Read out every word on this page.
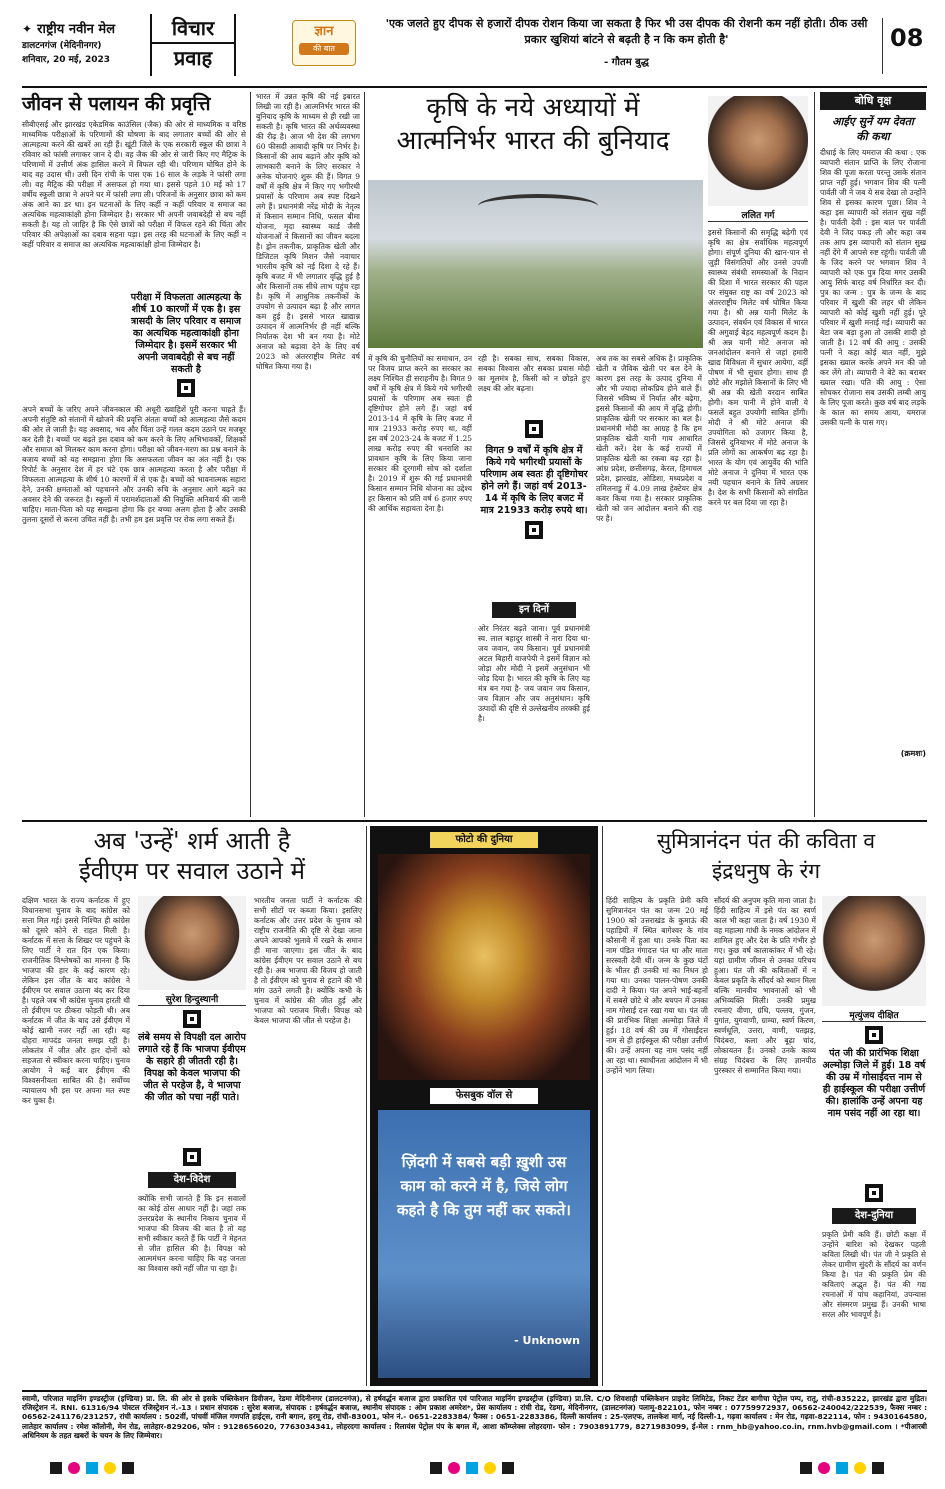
✦ राष्ट्रीय नवीन मेल
डालटनगंज (मेदिनीनगर)
शनिवार, 20 मई, 2023
विचार
प्रवाह
ज्ञान
की बात
'एक जलते हुए दीपक से हजारों दीपक रोशन किया जा सकता है फिर भी उस दीपक की रोशनी कम नहीं होती। ठीक उसी प्रकार खुशियां बांटने से बढ़ती है न कि कम होती है'
- गौतम बुद्ध
08
जीवन से पलायन की प्रवृत्ति
सीबीएसई और झारखंड एकेडमिक काउंसिल (जैक) की ओर से माध्यमिक व वरिष्ठ माध्यमिक परीक्षाओं के परिणामों की घोषणा के बाद लगातार बच्चों की ओर से आत्महत्या करने की खबरें आ रही हैं। खूंटी जिले के एक सरकारी स्कूल की छात्रा ने रविवार को फांसी लगाकर जान दे दी। वह जैक की ओर से जारी किए गए मैट्रिक के परिणामों में उत्तीर्ण अंक हासिल करने में विफल रही थी। परिणाम घोषित होने के बाद वह उदास थी। उसी दिन रांची के पास एक 16 साल के लड़के ने फांसी लगा ली। वह मैट्रिक की परीक्षा में असफल हो गया था। इससे पहले 10 मई को 17 वर्षीय स्कूली छात्रा ने अपने घर में फांसी लगा ली। परिजनों के अनुसार छात्रा को कम अंक आने का डर था। इन घटनाओं के लिए कहीं न कहीं परिवार व समाज का अत्यधिक महत्वाकांक्षी होना जिम्मेदार है। सरकार भी अपनी जवाबदेही से बच नहीं सकती है। यह तो जाहिर है कि ऐसे छात्रों को परीक्षा में विफल रहने की चिंता और परिवार की अपेक्षाओं का दबाव सहना पड़ा। इस तरह की घटनाओं के लिए कहीं न कहीं परिवार व समाज का अत्यधिक महत्वाकांक्षी होना जिम्मेदार है।
परीक्षा में विफलता आत्महत्या के शीर्ष 10 कारणों में एक है। इस त्रासदी के लिए परिवार व समाज का अत्यधिक महत्वाकांक्षी होना जिम्मेदार है। इसमें सरकार भी अपनी जवाबदेही से बच नहीं सकती है
अपने बच्चों के जरिए अपने जीवनकाल की अधूरी ख्वाहिशें पूरी करना चाहते हैं। अपनी संतुष्टि को संतानों में खोजने की प्रवृत्ति अंततः बच्चों को आत्महत्या जैसे कदम की ओर ले जाती है। यह अवसाद, भय और चिंता उन्हें गलत कदम उठाने पर मजबूर कर देती है। बच्चों पर बढ़ते इस दबाव को कम करने के लिए अभिभावकों, शिक्षकों और समाज को मिलकर काम करना होगा। परीक्षा को जीवन-मरण का प्रश्न बनाने के बजाय बच्चों को यह समझाना होगा कि असफलता जीवन का अंत नहीं है। एक रिपोर्ट के अनुसार देश में हर घंटे एक छात्र आत्महत्या करता है और परीक्षा में विफलता आत्महत्या के शीर्ष 10 कारणों में से एक है। बच्चों को भावनात्मक सहारा देने, उनकी क्षमताओं को पहचानने और उनकी रुचि के अनुसार आगे बढ़ने का अवसर देने की जरूरत है। स्कूलों में परामर्शदाताओं की नियुक्ति अनिवार्य की जानी चाहिए। माता-पिता को यह समझना होगा कि हर बच्चा अलग होता है और उसकी तुलना दूसरों से करना उचित नहीं है। तभी हम इस प्रवृत्ति पर रोक लगा सकते हैं।
भारत में उन्नत कृषि की नई इबारत लिखी जा रही है। आत्मनिर्भर भारत की बुनियाद कृषि के माध्यम से ही रखी जा सकती है। कृषि भारत की अर्थव्यवस्था की रीढ़ है। आज भी देश की लगभग 60 फीसदी आबादी कृषि पर निर्भर है। किसानों की आय बढ़ाने और कृषि को लाभकारी बनाने के लिए सरकार ने अनेक योजनाएं शुरू की हैं। विगत 9 वर्षों में कृषि क्षेत्र में किए गए भगीरथी प्रयासों के परिणाम अब स्पष्ट दिखने लगे हैं। प्रधानमंत्री नरेंद्र मोदी के नेतृत्व में किसान सम्मान निधि, फसल बीमा योजना, मृदा स्वास्थ्य कार्ड जैसी योजनाओं ने किसानों का जीवन बदला है। ड्रोन तकनीक, प्राकृतिक खेती और डिजिटल कृषि मिशन जैसे नवाचार भारतीय कृषि को नई दिशा दे रहे हैं। कृषि बजट में भी लगातार वृद्धि हुई है और किसानों तक सीधे लाभ पहुंच रहा है। कृषि में आधुनिक तकनीकों के उपयोग से उत्पादन बढ़ा है और लागत कम हुई है। इससे भारत खाद्यान्न उत्पादन में आत्मनिर्भर ही नहीं बल्कि निर्यातक देश भी बन गया है। मोटे अनाज को बढ़ावा देने के लिए वर्ष 2023 को अंतरराष्ट्रीय मिलेट वर्ष घोषित किया गया है।
कृषि के नये अध्यायों में
आत्मनिर्भर भारत की बुनियाद
ललित गर्ग
में कृषि की चुनौतियों का समाधान, उन पर विजय प्राप्त करने का सरकार का लक्ष्य निश्चित ही सराहनीय है। विगत 9 वर्षों में कृषि क्षेत्र में किये गये भगीरथी प्रयासों के परिणाम अब स्वतः ही दृष्टिगोचर होने लगे हैं। जहां वर्ष 2013-14 में कृषि के लिए बजट में मात्र 21933 करोड़ रुपए था, वहीं इस वर्ष 2023-24 के बजट में 1.25 लाख करोड़ रुपए की धनराशि का प्रावधान कृषि के लिए किया जाना सरकार की दूरगामी सोच को दर्शाता है। 2019 में शुरू की गई प्रधानमंत्री किसान सम्मान निधि योजना का उद्देश्य हर किसान को प्रति वर्ष 6 हजार रुपए की आर्थिक सहायता देना है।
रही है। सबका साथ, सबका विकास, सबका विश्वास और सबका प्रयास मोदी का मूलमंत्र है, किसी को न छोड़ते हुए लक्ष्य की ओर बढ़ना।
विगत 9 वर्षों में कृषि क्षेत्र में किये गये भगीरथी प्रयासों के परिणाम अब स्वतः ही दृष्टिगोचर होने लगे हैं। जहां वर्ष 2013-14 में कृषि के लिए बजट में मात्र 21933 करोड़ रुपये था।
इन दिनों
ओर निरंतर बढ़ते जाना। पूर्व प्रधानमंत्री स्व. लाल बहादुर शास्त्री ने नारा दिया था- जय जवान, जय किसान। पूर्व प्रधानमंत्री अटल बिहारी वाजपेयी ने इसमें विज्ञान को जोड़ा और मोदी ने इसमें अनुसंधान भी जोड़ दिया है। भारत की कृषि के लिए यह मंत्र बन गया है- जय जवान जय किसान, जय विज्ञान और जय अनुसंधान। कृषि उत्पादों की दृष्टि से उल्लेखनीय तरक्की हुई है।
अब तक का सबसे अधिक है। प्राकृतिक खेती व जैविक खेती पर बल देने के कारण इस तरह के उत्पाद दुनिया में और भी ज्यादा लोकप्रिय होने वाले हैं। जिससे भविष्य में निर्यात और बढ़ेगा, इससे किसानों की आय में वृद्धि होगी। प्राकृतिक खेती पर सरकार का बल है। प्रधानमंत्री मोदी का आग्रह है कि हम प्राकृतिक खेती यानी गाय आधारित खेती करें। देश के कई राज्यों में प्राकृतिक खेती का रकबा बढ़ रहा है। आंध्र प्रदेश, छत्तीसगढ़, केरल, हिमाचल प्रदेश, झारखंड, ओडिशा, मध्यप्रदेश व तमिलनाडु में 4.09 लाख हेक्टेयर क्षेत्र कवर किया गया है। सरकार प्राकृतिक खेती को जन आंदोलन बनाने की राह पर है।
इससे किसानों की समृद्धि बढ़ेगी एवं कृषि का क्षेत्र सर्वाधिक महत्वपूर्ण होगा। संपूर्ण दुनिया की खान-पान से जुड़ी विसंगतियों और उनसे उपजी स्वास्थ्य संबंधी समस्याओं के निदान की दिशा में भारत सरकार की पहल पर संयुक्त राष्ट्र का वर्ष 2023 को अंतरराष्ट्रीय मिलेट वर्ष घोषित किया गया है। श्री अन्न यानी मिलेट के उत्पादन, संवर्धन एवं विकास में भारत की अगुवाई बेहद महत्वपूर्ण कदम है। श्री अन्न यानी मोटे अनाज को जनआंदोलन बनाने से जहां हमारी खाद्य विविधता में सुधार आयेगा, वहीं पोषण में भी सुधार होगा। साथ ही छोटे और मझोले किसानों के लिए भी श्री अन्न की खेती वरदान साबित होगी। कम पानी में होने वाली ये फसलें बहुत उपयोगी साबित होंगी। मोदी ने श्री मोटे अनाज की उपयोगिता को उजागर किया है, जिससे दुनियाभर में मोटे अनाज के प्रति लोगों का आकर्षण बढ़ रहा है। भारत के योग एवं आयुर्वेद की भांति मोटे अनाज ने दुनिया में भारत एक नयी पहचान बनाने के लिये अग्रसर है। देश के सभी किसानों को संगठित करने पर बल दिया जा रहा है।
बोधि वृक्ष
आईए सुनें यम देवता
की कथा
दीधाई के लिए यमराज की कथा : एक व्यापारी संतान प्राप्ति के लिए रोजाना शिव की पूजा करता परन्तु उसके संतान प्राप्त नहीं हुई। भगवान शिव की पत्नी पार्वती जी ने जब ये सब देखा तो उन्होंने शिव से इसका कारण पूछा। शिव ने कहा इस व्यापारी को संतान सुख नहीं है। पार्वती देवी : इस बात पर पार्वती देवी ने जिद पकड़ ली और कहा जब तक आप इस व्यापारी को संतान सुख नहीं देंगे मैं आपसे रुष्ट रहूंगी। पार्वती जी के जिद करने पर भगवान शिव ने व्यापारी को एक पुत्र दिया मगर उसकी आयु सिर्फ बारह वर्ष निर्धारित कर दी। पुत्र का जन्म : पुत्र के जन्म के बाद परिवार में खुशी की लहर थी लेकिन व्यापारी को कोई खुशी नहीं हुई। पूरे परिवार में खुशी मनाई गई। व्यापारी का बेटा जब बड़ा हुआ तो उसकी शादी हो जाती है। 12 वर्ष की आयु : उसकी पत्नी ने कहा कोई बात नहीं, मुझे इसका ख्याल करके अपने मन की जो कर लेंगे तो। व्यापारी ने बेटे का बराबर ख्याल रखा। पति की आयु : ऐसा सोचकर रोजाना सब उसकी लम्बी आयु के लिए पूजा करते। कुछ वर्ष बाद लड़के के काल का समय आया, यमराज उसकी पत्नी के पास गए।
(क्रमशः)
अब 'उन्हें' शर्म आती है
ईवीएम पर सवाल उठाने में
दक्षिण भारत के राज्य कर्नाटक में हुए विधानसभा चुनाव के बाद कांग्रेस को सत्ता मिल गई। इससे निश्चित ही कांग्रेस को दूसरे कोने से राहत मिली है। कर्नाटक में सत्ता के शिखर पर पहुंचने के लिए पार्टी ने रात दिन एक किया। राजनीतिक विश्लेषकों का मानना है कि भाजपा की हार के कई कारण रहे। लेकिन इस जीत के बाद कांग्रेस ने ईवीएम पर सवाल उठाना बंद कर दिया है। पहले जब भी कांग्रेस चुनाव हारती थी तो ईवीएम पर ठीकरा फोड़ती थी। अब कर्नाटक में जीत के बाद उसे ईवीएम में कोई खामी नजर नहीं आ रही। यह दोहरा मापदंड जनता समझ रही है। लोकतंत्र में जीत और हार दोनों को सहजता से स्वीकार करना चाहिए। चुनाव आयोग ने कई बार ईवीएम की विश्वसनीयता साबित की है। सर्वोच्च न्यायालय भी इस पर अपना मत स्पष्ट कर चुका है।
सुरेश हिन्दुस्थानी
लंबे समय से विपक्षी दल आरोप लगाते रहे हैं कि भाजपा ईवीएम के सहारे ही जीतती रही है। विपक्ष को केवल भाजपा की जीत से परहेज है, वे भाजपा की जीत को पचा नहीं पाते।
देश-विदेश
क्योंकि सभी जानते हैं कि इन सवालों का कोई ठोस आधार नहीं है। जहां तक उत्तरप्रदेश के स्थानीय निकाय चुनाव में भाजपा की विजय की बात है तो यह सभी स्वीकार करते हैं कि पार्टी ने मेहनत से जीत हासिल की है। विपक्ष को आत्ममंथन करना चाहिए कि वह जनता का विश्वास क्यों नहीं जीत पा रहा है।
भारतीय जनता पार्टी ने कर्नाटक की सभी सीटों पर कब्जा किया। इसलिए कर्नाटक और उत्तर प्रदेश के चुनाव को राष्ट्रीय राजनीति की दृष्टि से देखा जाना अपने आपको भुलावे में रखने के समान ही माना जाएगा। इस जीत के बाद कांग्रेस ईवीएम पर सवाल उठाने से बच रही है। अब भाजपा की विजय हो जाती है तो ईवीएम को चुनाव से हटाने की भी मांग उठने लगती है। क्योंकि कभी के चुनाव में कांग्रेस की जीत हुई और भाजपा को पराजय मिली। विपक्ष को केवल भाजपा की जीत से परहेज है।
फोटो की दुनिया
फेसबुक वॉल से
ज़िंदगी में सबसे बड़ी ख़ुशी उस काम को करने में है, जिसे लोग कहते है कि तुम नहीं कर सकते।
- Unknown
सुमित्रानंदन पंत की कविता व
इंद्रधनुष के रंग
हिंदी साहित्य के प्रकृति प्रेमी कवि सुमित्रानंदन पंत का जन्म 20 मई 1900 को उत्तराखंड के कुमाऊं की पहाड़ियों में स्थित बागेश्वर के गांव कौसानी में हुआ था। उनके पिता का नाम पंडित गंगादत्त पंत था और माता सरस्वती देवी थीं। जन्म के कुछ घंटों के भीतर ही उनकी मां का निधन हो गया था। उनका पालन-पोषण उनकी दादी ने किया। पंत अपने भाई-बहनों में सबसे छोटे थे और बचपन में उनका नाम गोसाईं दत्त रखा गया था। पंत जी की प्रारंभिक शिक्षा अल्मोड़ा जिले में हुई। 18 वर्ष की उम्र में गोसाईंदत्त नाम से ही हाईस्कूल की परीक्षा उत्तीर्ण की। उन्हें अपना यह नाम पसंद नहीं आ रहा था। स्वाधीनता आंदोलन में भी उन्होंने भाग लिया।
सौंदर्य की अनुपम कृति माना जाता है। हिंदी साहित्य में इसे पंत का स्वर्ण काल भी कहा जाता है। वर्ष 1930 में वह महात्मा गांधी के नमक आंदोलन में शामिल हुए और देश के प्रति गंभीर हो गए। कुछ वर्ष कालाकांकर में भी रहे। यहां ग्रामीण जीवन से उनका परिचय हुआ। पंत जी की कविताओं में न केवल प्रकृति के सौंदर्य को स्थान मिला बल्कि मानवीय भावनाओं को भी अभिव्यक्ति मिली। उनकी प्रमुख रचनाएं वीणा, ग्रंथि, पल्लव, गुंजन, युगांत, युगवाणी, ग्राम्या, स्वर्ण किरण, स्वर्णधूलि, उत्तरा, वाणी, पतझड़, चिदंबरा, कला और बूढ़ा चांद, लोकायतन हैं। उनको उनके काव्य संग्रह चिदंबरा के लिए ज्ञानपीठ पुरस्कार से सम्मानित किया गया।
मृत्युंजय दीक्षित
पंत जी की प्रारंभिक शिक्षा अल्मोड़ा जिले में हुई। 18 वर्ष की उम्र में गोसाईंदत्त नाम से ही हाईस्कूल की परीक्षा उत्तीर्ण की। हालांकि उन्हें अपना यह नाम पसंद नहीं आ रहा था।
देश-दुनिया
प्रकृति प्रेमी कवि हैं। छोटी कक्षा में उन्होंने बारिश को देखकर पहली कविता लिखी थी। पंत जी ने प्रकृति से लेकर ग्रामीण सुंदरी के सौंदर्य का वर्णन किया है। पंत की प्रकृति प्रेम की कविताएं अद्भुत हैं। पंत की गद्य रचनाओं में पांच कहानियां, उपन्यास और संस्मरण प्रमुख हैं। उनकी भाषा सरल और भावपूर्ण है।
स्वामी, परिजात माइनिंग इण्डस्ट्रीज (इण्डिया) प्रा. लि. की ओर से इसके पब्लिकेशन डिवीजन, रेडमा मेदिनीनगर (डालटनगंज), से हर्षवर्द्धन बजाज द्वारा प्रकाशित एवं पारिजात माइनिंग इण्डस्ट्रीज (इण्डिया) प्रा.लि. C/O शिवशाही पब्लिकेशन प्राइवेट लिमिटेड, निकट टेंडर बागीचा पेट्रोल पम्प, रातू, रांची-835222, झारखंड द्वारा मुद्रित। रजिस्ट्रेशन नं. RNI. 61316/94 पोस्टल रजिस्ट्रेशन नं.-13 । प्रधान संपादक : सुरेश बजाज, संपादक : हर्षवर्द्धन बजाज, स्थानीय संपादक : ओम प्रकाश अमरेश*, प्रेस कार्यालय : रांची रोड, रेडमा, मेदिनीनगर, (डालटनगंज) पलामू-822101, फोन नम्बर : 07759972937, 06562-240042/222539, फैक्स नम्बर : 06562-241176/231257, रांची कार्यालय : 502वीं, पांचवीं मंजिल गणपति हाईट्स, रानी बगान, हरमू रोड, रांची-83001, फोन नं.- 0651-2283384/ फैक्स : 0651-2283386, दिल्ली कार्यालय : 25-एलएफ, तालकेश मार्ग, नई दिल्ली-1, गढ़वा कार्यालय : मेन रोड, गढ़वा-822114, फोन : 9430164580, लातेहार कार्यालय : रमेश कॉलोनी, मेन रोड, लातेहार-829206, फोन : 9128656020, 7763034341, लोहरदगा कार्यालय : रिलायंस पेट्रोल पंप के बगल में, आशा कॉम्प्लेक्स लोहरदगा- फोन : 7903891779, 8271983099, ई-मेल : rnm_hb@yahoo.co.in, rnm.hvb@gmail.com । *पीआरबी अधिनियम के तहत खबरों के चयन के लिए जिम्मेवार।
